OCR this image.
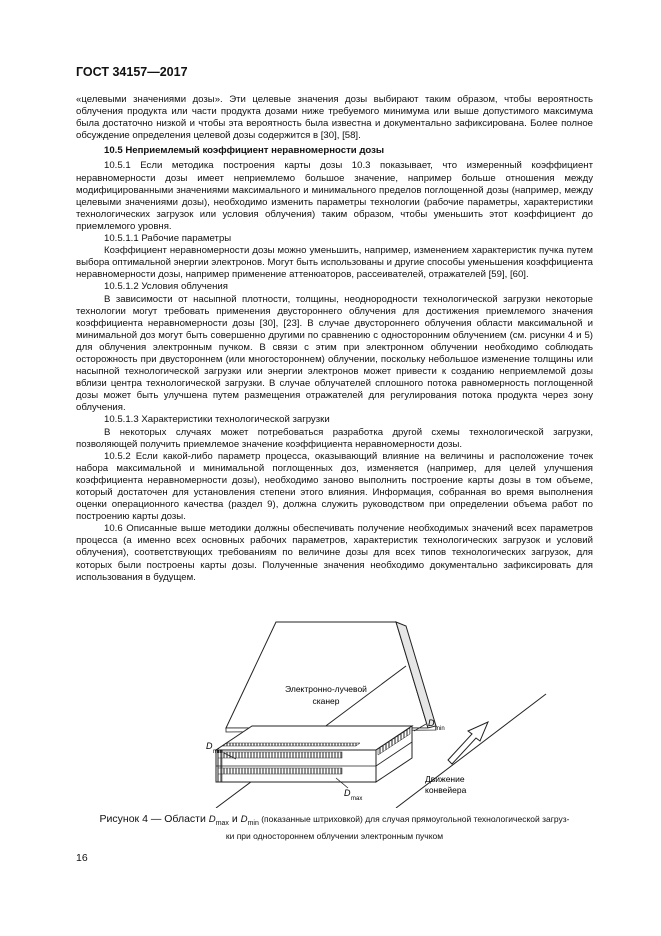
ГОСТ 34157—2017

«целевыми значениями дозы». Эти целевые значения дозы выбирают таким образом, чтобы вероятность облучения продукта или части продукта дозами ниже требуемого минимума или выше допустимого максимума была достаточно низкой и чтобы эта вероятность была известна и документально зафиксирована. Более полное обсуждение определения целевой дозы содержится в [30], [58].

10.5 Неприемлемый коэффициент неравномерности дозы

10.5.1 Если методика построения карты дозы 10.3 показывает, что измеренный коэффициент неравномерности дозы имеет неприемлемо большое значение, например больше отношения между модифицированными значениями максимального и минимального пределов поглощенной дозы (например, между целевыми значениями дозы), необходимо изменить параметры технологии (рабочие параметры, характеристики технологических загрузок или условия облучения) таким образом, чтобы уменьшить этот коэффициент до приемлемого уровня.

10.5.1.1 Рабочие параметры

Коэффициент неравномерности дозы можно уменьшить, например, изменением характеристик пучка путем выбора оптимальной энергии электронов. Могут быть использованы и другие способы уменьшения коэффициента неравномерности дозы, например применение аттенюаторов, рассеивателей, отражателей [59], [60].

10.5.1.2 Условия облучения

В зависимости от насыпной плотности, толщины, неоднородности технологической загрузки некоторые технологии могут требовать применения двустороннего облучения для достижения приемлемого значения коэффициента неравномерности дозы [30], [23]. В случае двустороннего облучения области максимальной и минимальной доз могут быть совершенно другими по сравнению с односторонним облучением (см. рисунки 4 и 5) для облучения электронным пучком. В связи с этим при электронном облучении необходимо соблюдать осторожность при двустороннем (или многостороннем) облучении, поскольку небольшое изменение толщины или насыпной технологической загрузки или энергии электронов может привести к созданию неприемлемой дозы вблизи центра технологической загрузки. В случае облучателей сплошного потока равномерность поглощенной дозы может быть улучшена путем размещения отражателей для регулирования потока продукта через зону облучения.

10.5.1.3 Характеристики технологической загрузки

В некоторых случаях может потребоваться разработка другой схемы технологической загрузки, позволяющей получить приемлемое значение коэффициента неравномерности дозы.

10.5.2 Если какой-либо параметр процесса, оказывающий влияние на величины и расположение точек набора максимальной и минимальной поглощенных доз, изменяется (например, для целей улучшения коэффициента неравномерности дозы), необходимо заново выполнить построение карты дозы в том объеме, который достаточен для установления степени этого влияния. Информация, собранная во время выполнения оценки операционного качества (раздел 9), должна служить руководством при определении объема работ по построению карты дозы.

10.6 Описанные выше методики должны обеспечивать получение необходимых значений всех параметров процесса (а именно всех основных рабочих параметров, характеристик технологических загрузок и условий облучения), соответствующих требованиям по величине дозы для всех типов технологических загрузок, для которых были построены карты дозы. Полученные значения необходимо документально зафиксировать для использования в будущем.

Электронно-лучевой
сканер
D
min
D
min
D
max
Движение
конвейера
Рисунок 4 — Области $D_{max}$ и $D_{min}$ (показанные штриховкой) для случая прямоугольной технологической загруз-
ки при одностороннем облучении электронным пучком
16
